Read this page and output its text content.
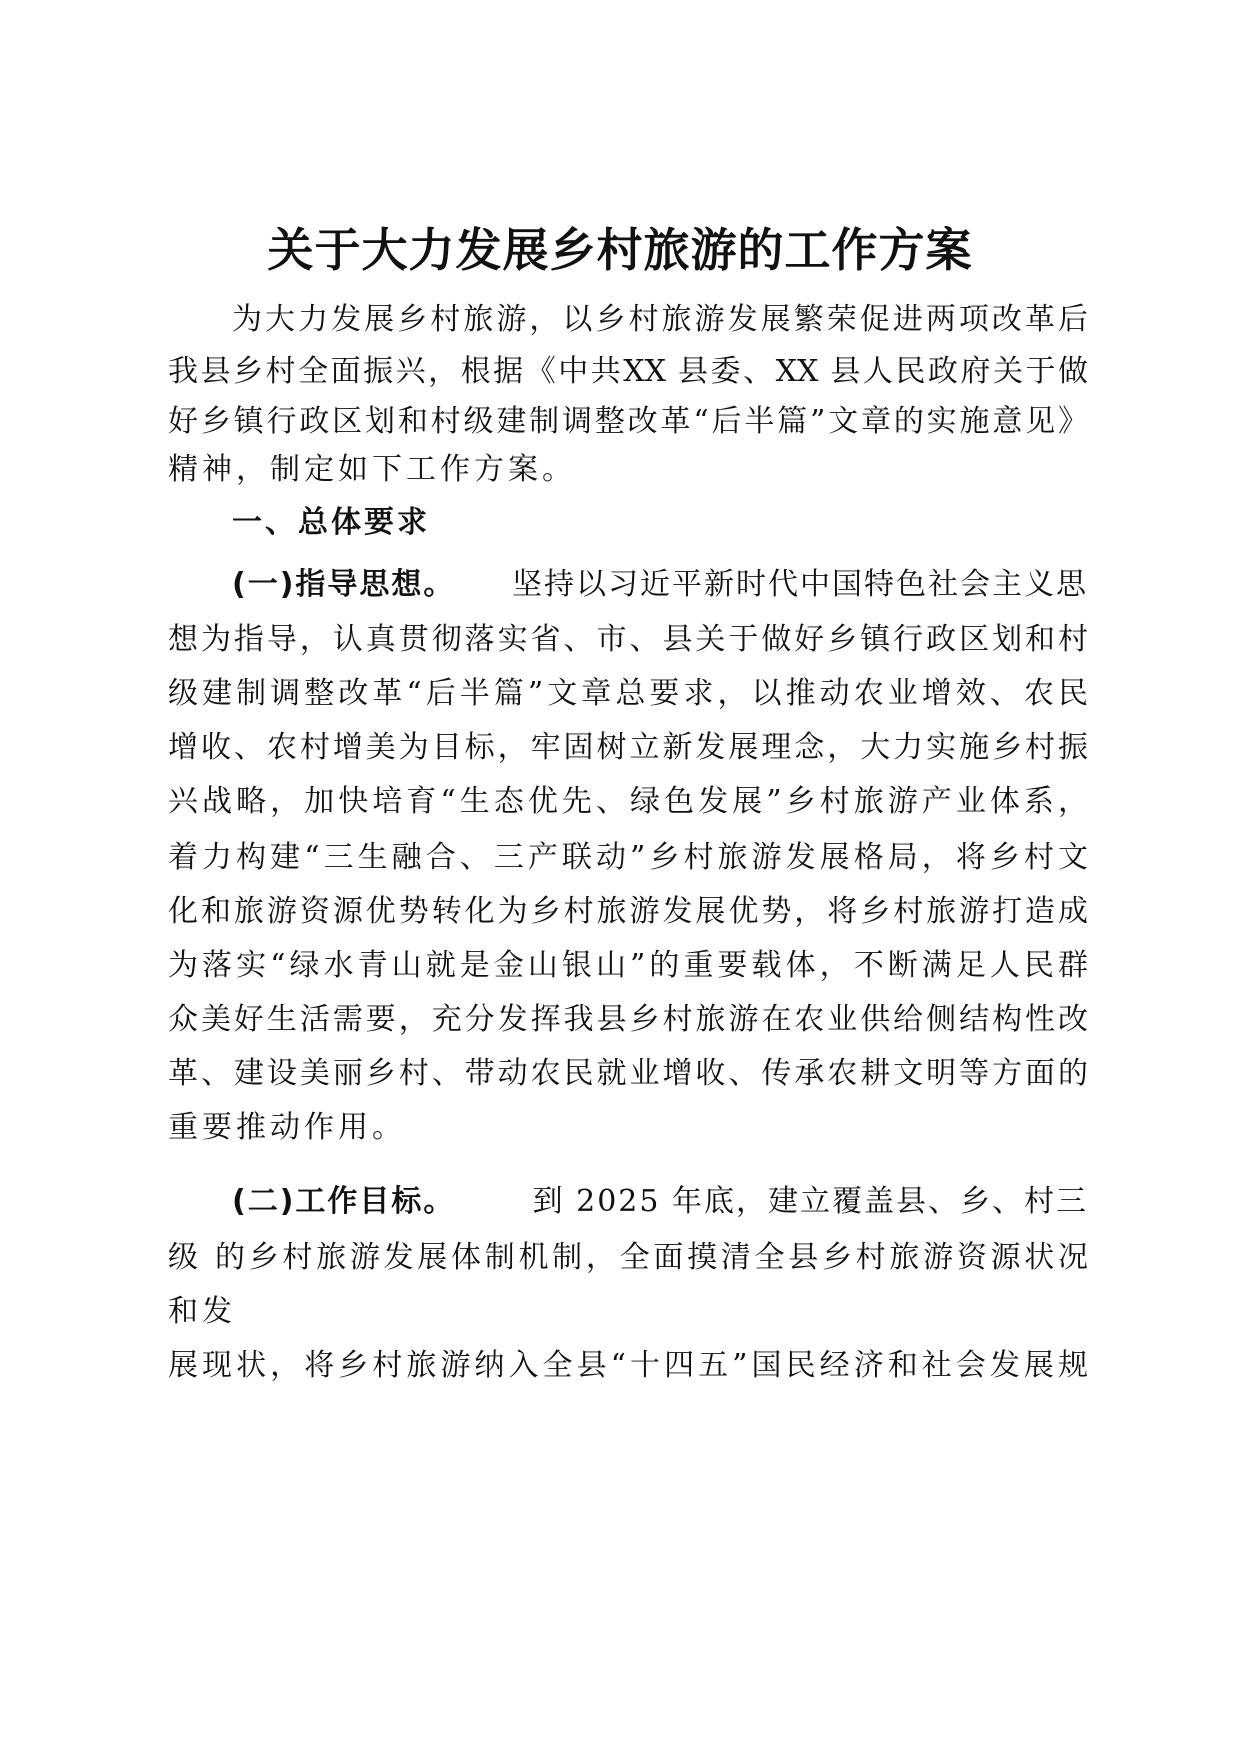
关于大力发展乡村旅游的工作方案
为大力发展乡村旅游，以乡村旅游发展繁荣促进两项改革后
我县乡村全面振兴，根据《中共XX 县委、XX 县人民政府关于做
好乡镇行政区划和村级建制调整改革“后半篇”文章的实施意见》
精神，制定如下工作方案。
一、总体要求
(一)指导思想。 坚持以习近平新时代中国特色社会主义思
想为指导，认真贯彻落实省、市、县关于做好乡镇行政区划和村
级建制调整改革“后半篇”文章总要求，以推动农业增效、农民
增收、农村增美为目标，牢固树立新发展理念，大力实施乡村振
兴战略，加快培育“生态优先、绿色发展”乡村旅游产业体系，
着力构建“三生融合、三产联动”乡村旅游发展格局，将乡村文
化和旅游资源优势转化为乡村旅游发展优势，将乡村旅游打造成
为落实“绿水青山就是金山银山”的重要载体，不断满足人民群
众美好生活需要，充分发挥我县乡村旅游在农业供给侧结构性改
革、建设美丽乡村、带动农民就业增收、传承农耕文明等方面的
重要推动作用。
(二)工作目标。	到 2025 年底，建立覆盖县、乡、村三
级 的乡村旅游发展体制机制，全面摸清全县乡村旅游资源状况
和发
展现状，将乡村旅游纳入全县“十四五”国民经济和社会发展规
